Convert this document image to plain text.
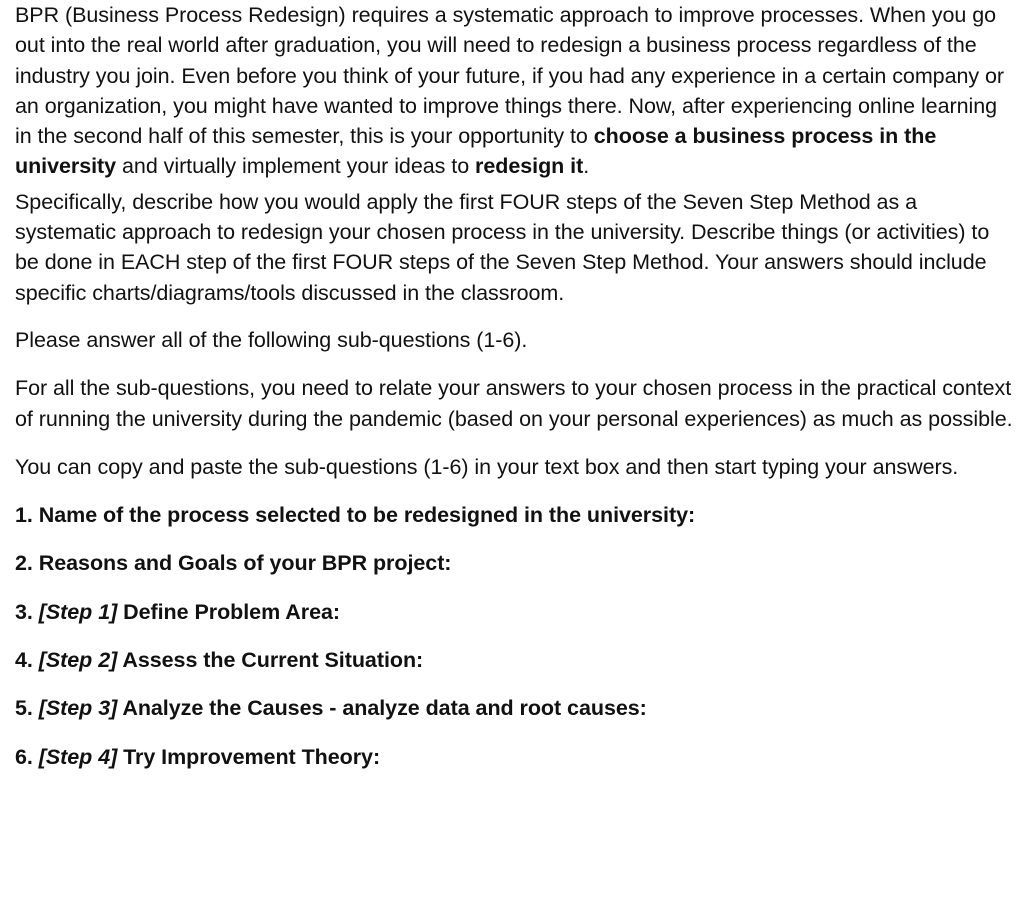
BPR (Business Process Redesign) requires a systematic approach to improve processes. When you go out into the real world after graduation, you will need to redesign a business process regardless of the industry you join. Even before you think of your future, if you had any experience in a certain company or an organization, you might have wanted to improve things there. Now, after experiencing online learning in the second half of this semester, this is your opportunity to choose a business process in the university and virtually implement your ideas to redesign it.

Specifically, describe how you would apply the first FOUR steps of the Seven Step Method as a systematic approach to redesign your chosen process in the university. Describe things (or activities) to be done in EACH step of the first FOUR steps of the Seven Step Method. Your answers should include specific charts/diagrams/tools discussed in the classroom.

Please answer all of the following sub-questions (1-6).

For all the sub-questions, you need to relate your answers to your chosen process in the practical context of running the university during the pandemic (based on your personal experiences) as much as possible.

You can copy and paste the sub-questions (1-6) in your text box and then start typing your answers.

1. Name of the process selected to be redesigned in the university:

2. Reasons and Goals of your BPR project:

3. [Step 1] Define Problem Area:

4. [Step 2] Assess the Current Situation:

5. [Step 3] Analyze the Causes - analyze data and root causes:

6. [Step 4] Try Improvement Theory:
